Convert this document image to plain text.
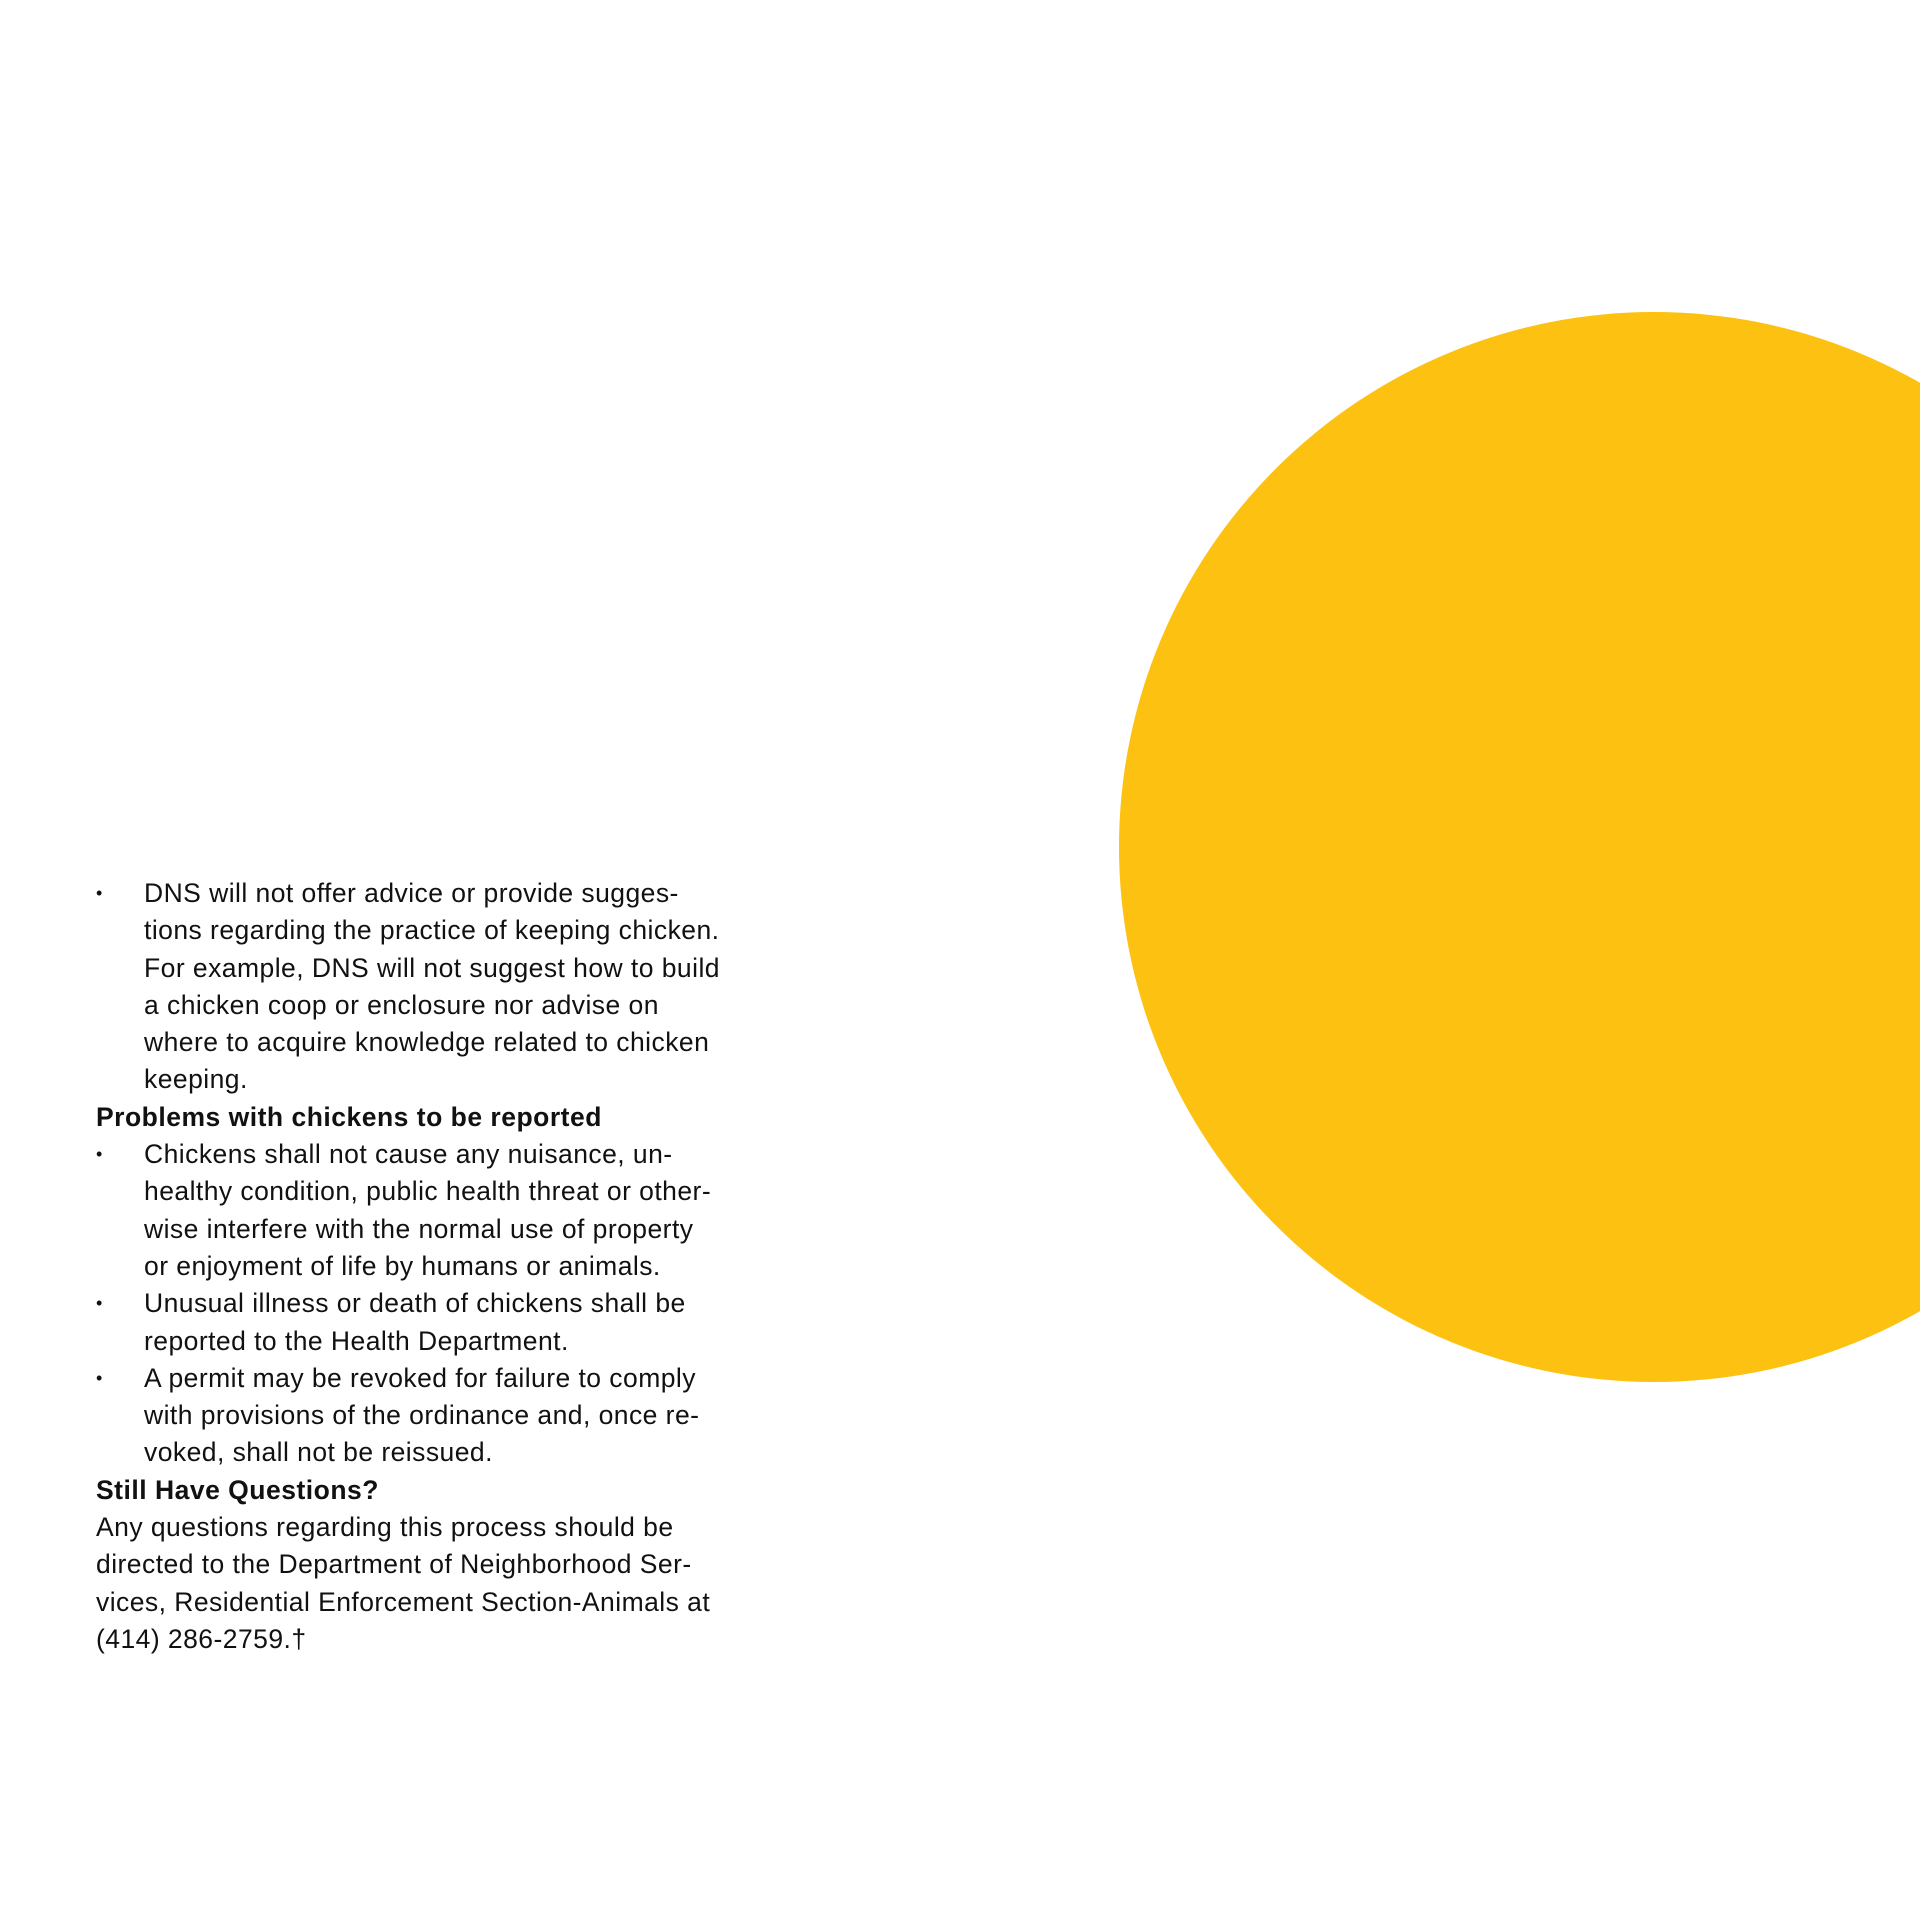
• DNS will not offer advice or provide sugges-
tions regarding the practice of keeping chicken.
For example, DNS will not suggest how to build
a chicken coop or enclosure nor advise on
where to acquire knowledge related to chicken
keeping.
Problems with chickens to be reported
• Chickens shall not cause any nuisance, un-
healthy condition, public health threat or other-
wise interfere with the normal use of property
or enjoyment of life by humans or animals.
• Unusual illness or death of chickens shall be
reported to the Health Department.
• A permit may be revoked for failure to comply
with provisions of the ordinance and, once re-
voked, shall not be reissued.
Still Have Questions?

Any questions regarding this process should be
directed to the Department of Neighborhood Ser-
vices, Residential Enforcement Section-Animals at
(414) 286-2759.†
